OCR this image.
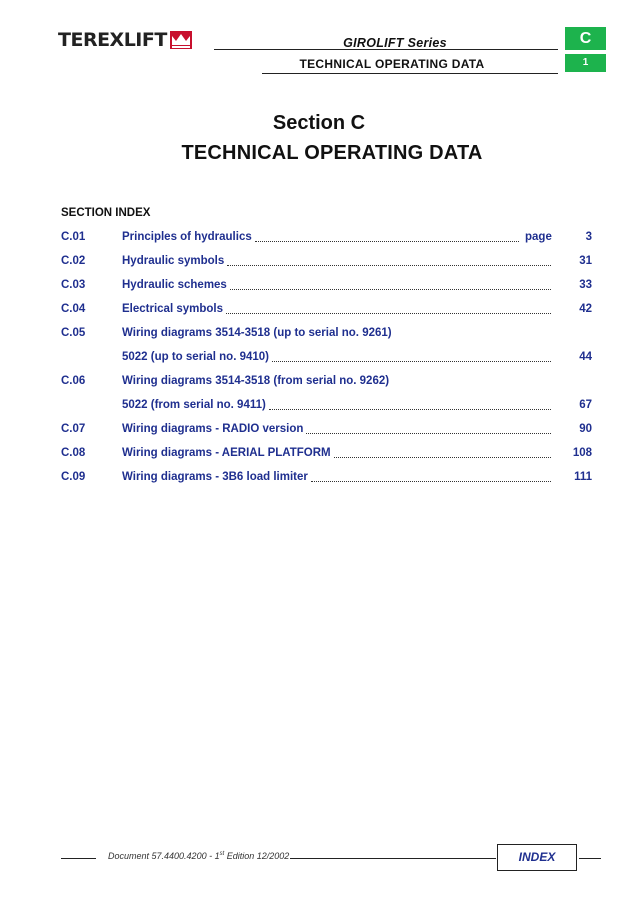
TEREXLIFT	GIROLIFT Series
TECHNICAL OPERATING DATA
C
1
Section C
TECHNICAL OPERATING DATA
SECTION INDEX
C.01	Principles of hydraulics	page	3
C.02	Hydraulic symbols	31
C.03	Hydraulic schemes	33
C.04	Electrical symbols	42
C.05	Wiring diagrams 3514-3518 (up to serial no. 9261)
5022 (up to serial no. 9410)	44
C.06	Wiring diagrams 3514-3518 (from serial no. 9262)
5022 (from serial no. 9411)	67
C.07	Wiring diagrams - RADIO version	90
C.08	Wiring diagrams - AERIAL PLATFORM	108
C.09	Wiring diagrams - 3B6 load limiter	111
Document 57.4400.4200 - 1st Edition 12/2002	INDEX
